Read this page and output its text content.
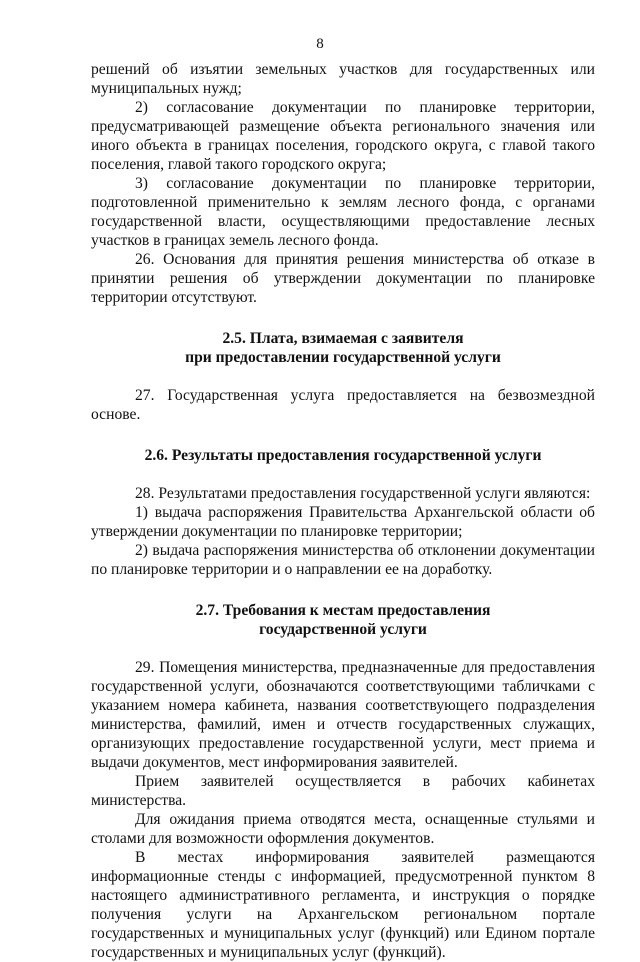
8

решений об изъятии земельных участков для государственных или муниципальных нужд;

2) согласование документации по планировке территории, предусматривающей размещение объекта регионального значения или иного объекта в границах поселения, городского округа, с главой такого поселения, главой такого городского округа;

3) согласование документации по планировке территории, подготовленной применительно к землям лесного фонда, с органами государственной власти, осуществляющими предоставление лесных участков в границах земель лесного фонда.

26. Основания для принятия решения министерства об отказе в принятии решения об утверждении документации по планировке территории отсутствуют.

2.5. Плата, взимаемая с заявителя

при предоставлении государственной услуги

27. Государственная услуга предоставляется на безвозмездной основе.

2.6. Результаты предоставления государственной услуги

28. Результатами предоставления государственной услуги являются:

1) выдача распоряжения Правительства Архангельской области об утверждении документации по планировке территории;

2) выдача распоряжения министерства об отклонении документации по планировке территории и о направлении ее на доработку.

2.7. Требования к местам предоставления

государственной услуги

29. Помещения министерства, предназначенные для предоставления государственной услуги, обозначаются соответствующими табличками с указанием номера кабинета, названия соответствующего подразделения министерства, фамилий, имен и отчеств государственных служащих, организующих предоставление государственной услуги, мест приема и выдачи документов, мест информирования заявителей.

Прием заявителей осуществляется в рабочих кабинетах министерства.

Для ожидания приема отводятся места, оснащенные стульями и столами для возможности оформления документов.

В местах информирования заявителей размещаются информационные стенды с информацией, предусмотренной пунктом 8 настоящего административного регламента, и инструкция о порядке получения услуги на Архангельском региональном портале государственных и муниципальных услуг (функций) или Едином портале государственных и муниципальных услуг (функций).
